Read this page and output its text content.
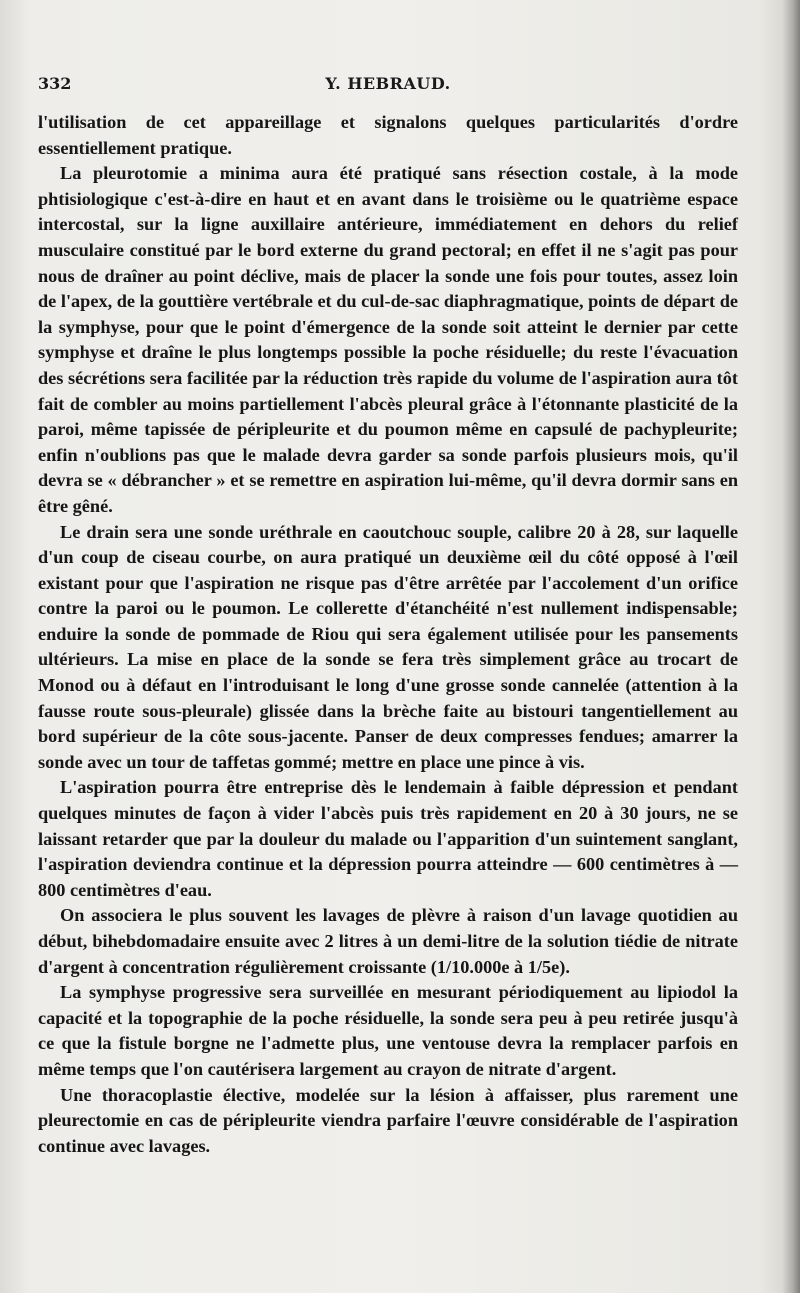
332	Y. HEBRAUD.

l'utilisation de cet appareillage et signalons quelques particularités d'ordre essentiellement pratique.

La pleurotomie a minima aura été pratiqué sans résection costale, à la mode phtisiologique c'est-à-dire en haut et en avant dans le troisième ou le quatrième espace intercostal, sur la ligne auxillaire antérieure, immédiatement en dehors du relief musculaire constitué par le bord externe du grand pectoral; en effet il ne s'agit pas pour nous de draîner au point déclive, mais de placer la sonde une fois pour toutes, assez loin de l'apex, de la gouttière vertébrale et du cul-de-sac diaphragmatique, points de départ de la symphyse, pour que le point d'émergence de la sonde soit atteint le dernier par cette symphyse et draîne le plus longtemps possible la poche résiduelle; du reste l'évacuation des sécrétions sera facilitée par la réduction très rapide du volume de l'aspiration aura tôt fait de combler au moins partiellement l'abcès pleural grâce à l'étonnante plasticité de la paroi, même tapissée de péripleurite et du poumon même en capsulé de pachypleurite; enfin n'oublions pas que le malade devra garder sa sonde parfois plusieurs mois, qu'il devra se « débrancher » et se remettre en aspiration lui-même, qu'il devra dormir sans en être gêné.

Le drain sera une sonde uréthrale en caoutchouc souple, calibre 20 à 28, sur laquelle d'un coup de ciseau courbe, on aura pratiqué un deuxième œil du côté opposé à l'œil existant pour que l'aspiration ne risque pas d'être arrêtée par l'accolement d'un orifice contre la paroi ou le poumon. Le collerette d'étanchéité n'est nullement indispensable; enduire la sonde de pommade de Riou qui sera également utilisée pour les pansements ultérieurs. La mise en place de la sonde se fera très simplement grâce au trocart de Monod ou à défaut en l'introduisant le long d'une grosse sonde cannelée (attention à la fausse route sous-pleurale) glissée dans la brèche faite au bistouri tangentiellement au bord supérieur de la côte sous-jacente. Panser de deux compresses fendues; amarrer la sonde avec un tour de taffetas gommé; mettre en place une pince à vis.

L'aspiration pourra être entreprise dès le lendemain à faible dépression et pendant quelques minutes de façon à vider l'abcès puis très rapidement en 20 à 30 jours, ne se laissant retarder que par la douleur du malade ou l'apparition d'un suintement sanglant, l'aspiration deviendra continue et la dépression pourra atteindre — 600 centimètres à — 800 centimètres d'eau.

On associera le plus souvent les lavages de plèvre à raison d'un lavage quotidien au début, bihebdomadaire ensuite avec 2 litres à un demi-litre de la solution tiédie de nitrate d'argent à concentration régulièrement croissante (1/10.000e à 1/5e).

La symphyse progressive sera surveillée en mesurant périodiquement au lipiodol la capacité et la topographie de la poche résiduelle, la sonde sera peu à peu retirée jusqu'à ce que la fistule borgne ne l'admette plus, une ventouse devra la remplacer parfois en même temps que l'on cautérisera largement au crayon de nitrate d'argent.

Une thoracoplastie élective, modelée sur la lésion à affaisser, plus rarement une pleurectomie en cas de péripleurite viendra parfaire l'œuvre considérable de l'aspiration continue avec lavages.
